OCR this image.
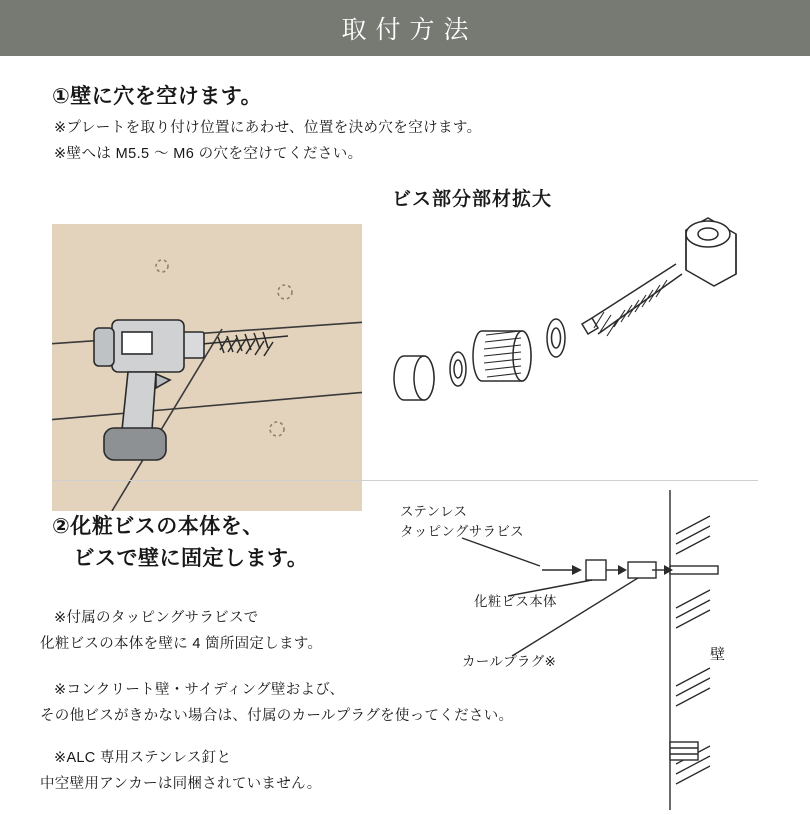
取付方法
①壁に穴を空けます。
※プレートを取り付け位置にあわせ、位置を決め穴を空けます。
※壁へは M5.5 ～ M6 の穴を空けてください。
ビス部分部材拡大
②化粧ビスの本体を、
　ビスで壁に固定します。
※付属のタッピングサラビスで
化粧ビスの本体を壁に 4 箇所固定します。
※コンクリート壁・サイディング壁および、
その他ビスがきかない場合は、付属のカールプラグを使ってください。
※ALC 専用ステンレス釘と
中空壁用アンカーは同梱されていません。
ステンレス
タッピングサラビス
化粧ビス本体
カールプラグ※	壁
